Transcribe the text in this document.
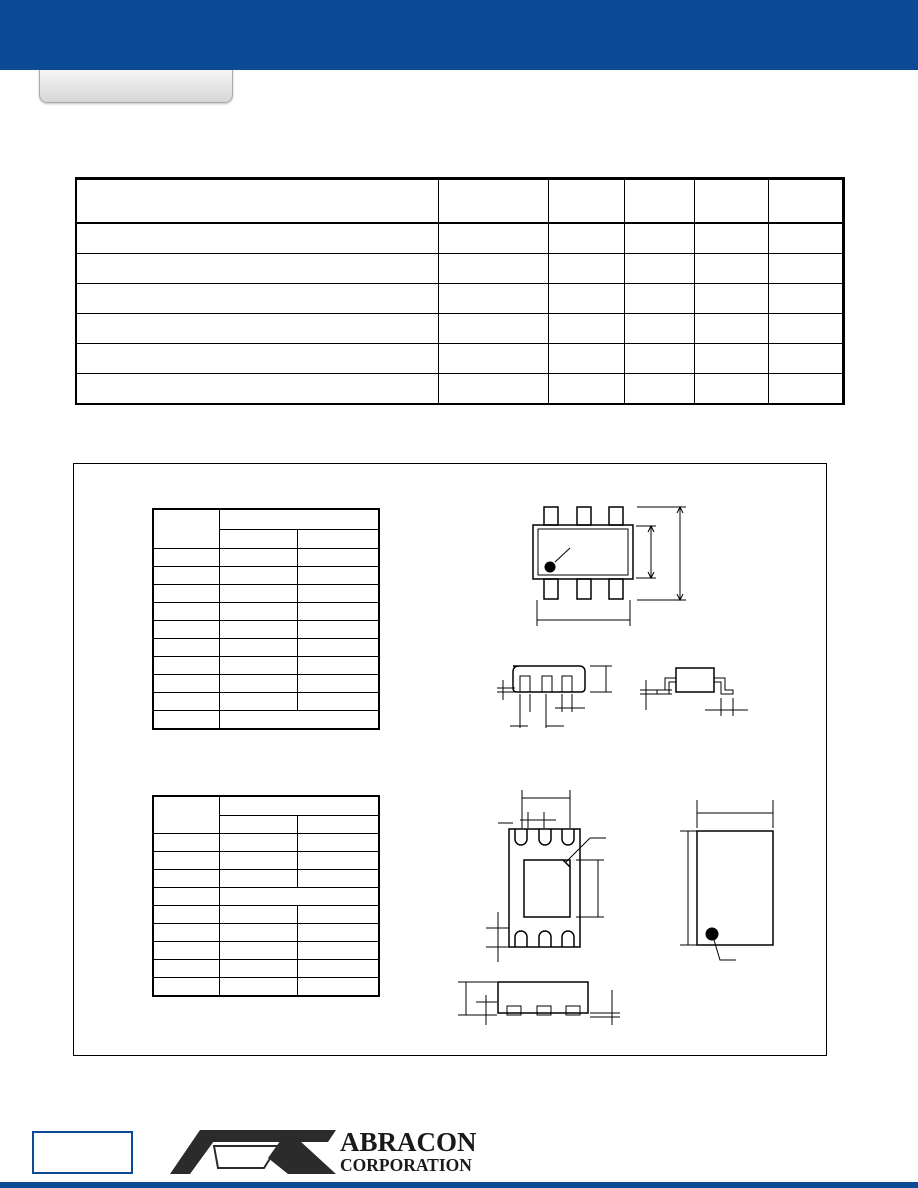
ABRACON
CORPORATION
